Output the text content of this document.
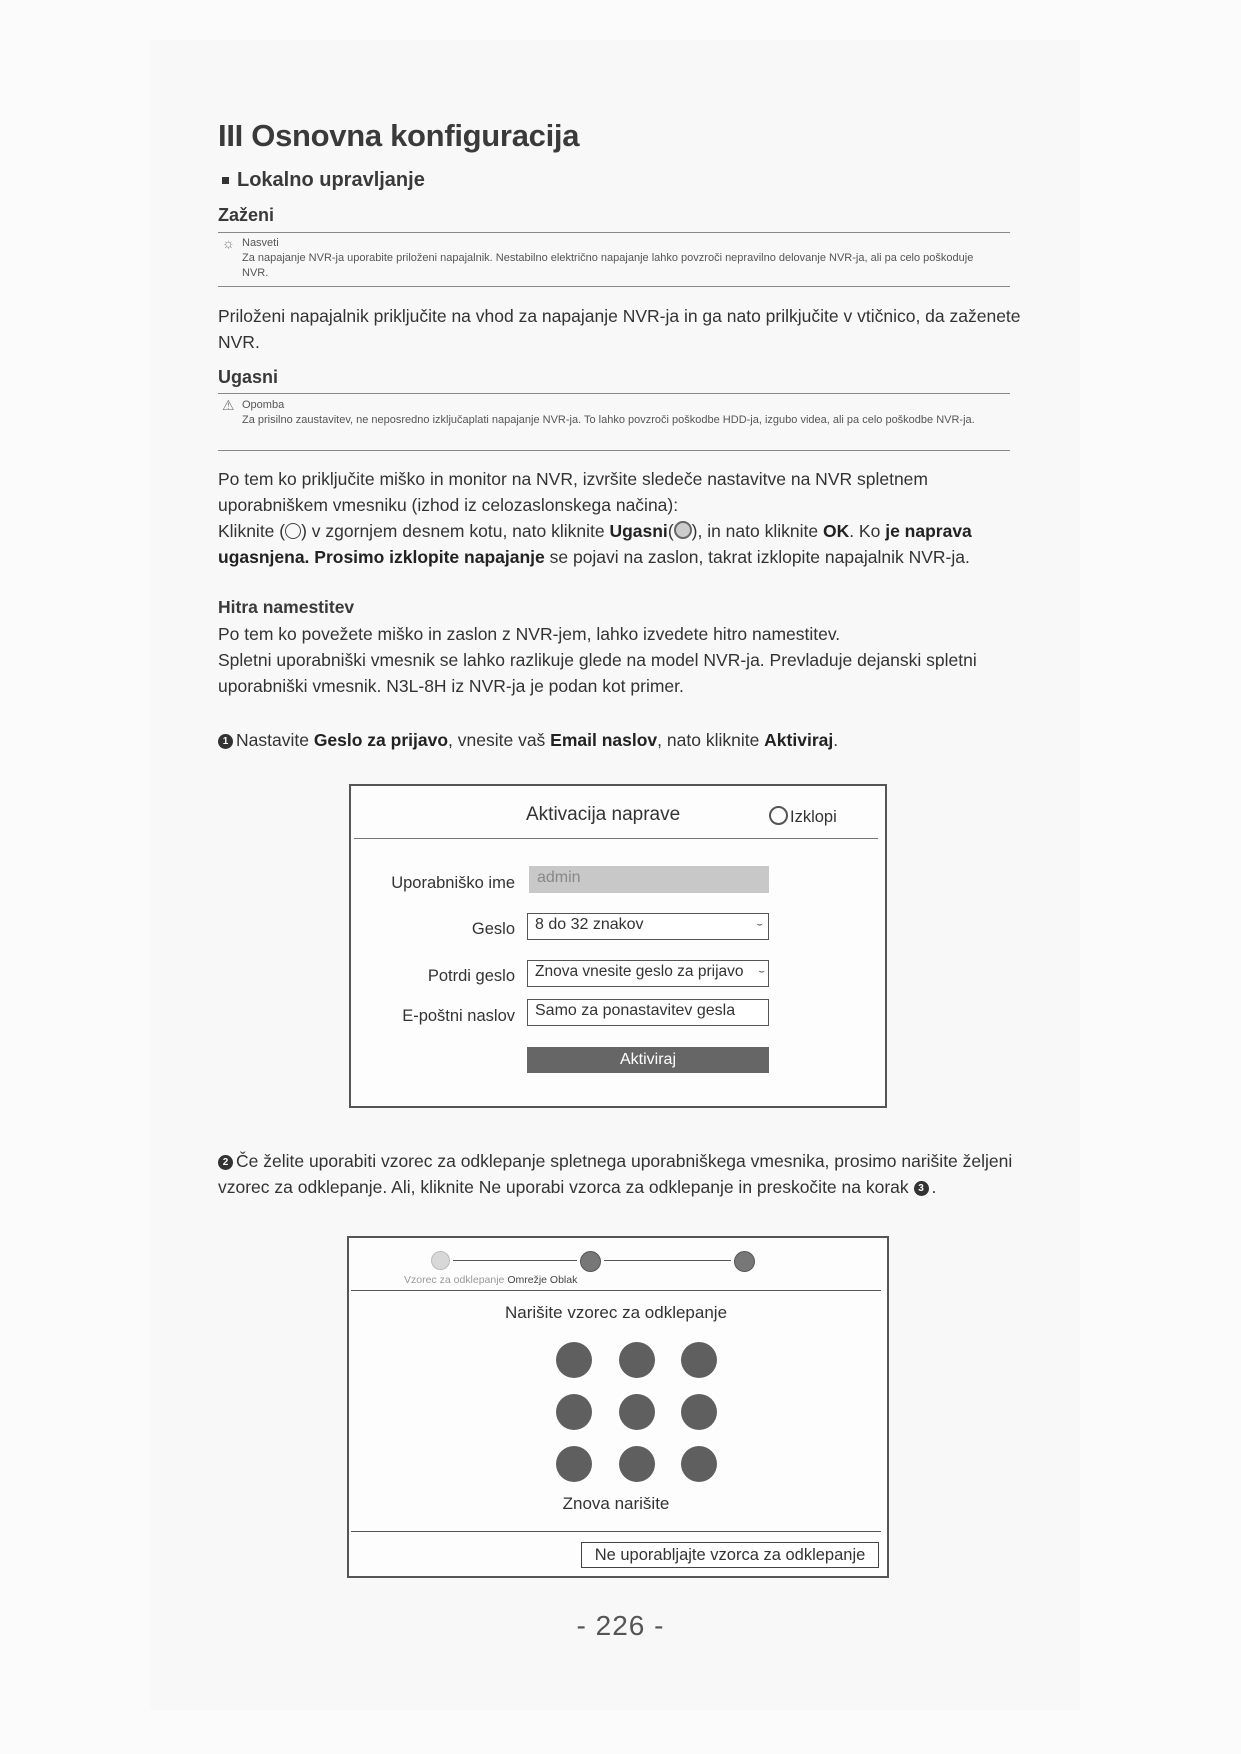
III Osnovna konfiguracija
Lokalno upravljanje
Zaženi
☼ Nasveti
Za napajanje NVR-ja uporabite priloženi napajalnik. Nestabilno električno napajanje lahko povzroči nepravilno delovanje NVR-ja, ali pa celo poškoduje NVR.
Priloženi napajalnik priključite na vhod za napajanje NVR-ja in ga nato prilkjučite v vtičnico, da zaženete NVR.
Ugasni
⚠ Opomba
Za prisilno zaustavitev, ne neposredno izključaplati napajanje NVR-ja. To lahko povzroči poškodbe HDD-ja, izgubo videa, ali pa celo poškodbe NVR-ja.
Po tem ko priključite miško in monitor na NVR, izvršite sledeče nastavitve na NVR spletnem uporabniškem vmesniku (izhod iz celozaslonskega načina):
Kliknite ( ) v zgornjem desnem kotu, nato kliknite Ugasni( ), in nato kliknite OK. Ko je naprava ugasnjena. Prosimo izklopite napajanje se pojavi na zaslon, takrat izklopite napajalnik NVR-ja.
Hitra namestitev
Po tem ko povežete miško in zaslon z NVR-jem, lahko izvedete hitro namestitev.
Spletni uporabniški vmesnik se lahko razlikuje glede na model NVR-ja. Prevladuje dejanski spletni uporabniški vmesnik. N3L-8H iz NVR-ja je podan kot primer.
1 Nastavite Geslo za prijavo, vnesite vaš Email naslov, nato kliknite Aktiviraj.
Aktivacija naprave	Izklopi
Uporabniško ime	admin
Geslo	8 do 32 znakov	⌣
Potrdi geslo	Znova vnesite geslo za prijavo ⌣
E-poštni naslov	Samo za ponastavitev gesla
Aktiviraj
2 Če želite uporabiti vzorec za odklepanje spletnega uporabniškega vmesnika, prosimo narišite željeni vzorec za odklepanje. Ali, kliknite Ne uporabi vzorca za odklepanje in preskočite na korak 3 .
Vzorec za odklepanje Omrežje Oblak
Narišite vzorec za odklepanje
Znova narišite
Ne uporabljajte vzorca za odklepanje
- 226 -
